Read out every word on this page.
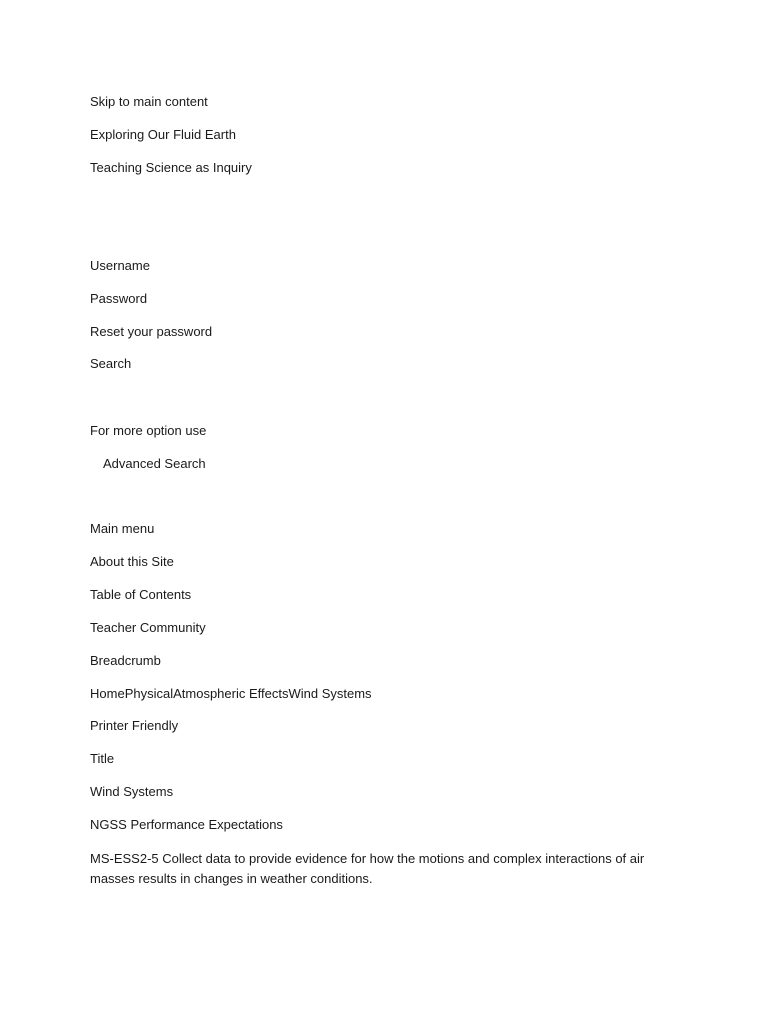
Skip to main content
Exploring Our Fluid Earth

Teaching Science as Inquiry

Username
Password
Reset your password
Search

For more option use

Advanced Search
Main menu
About this Site
Table of Contents
Teacher Community
Breadcrumb
HomePhysicalAtmospheric EffectsWind Systems
Printer Friendly

Title

Wind Systems

NGSS Performance Expectations

MS-ESS2-5 Collect data to provide evidence for how the motions and complex interactions of air masses results in changes in weather conditions.
